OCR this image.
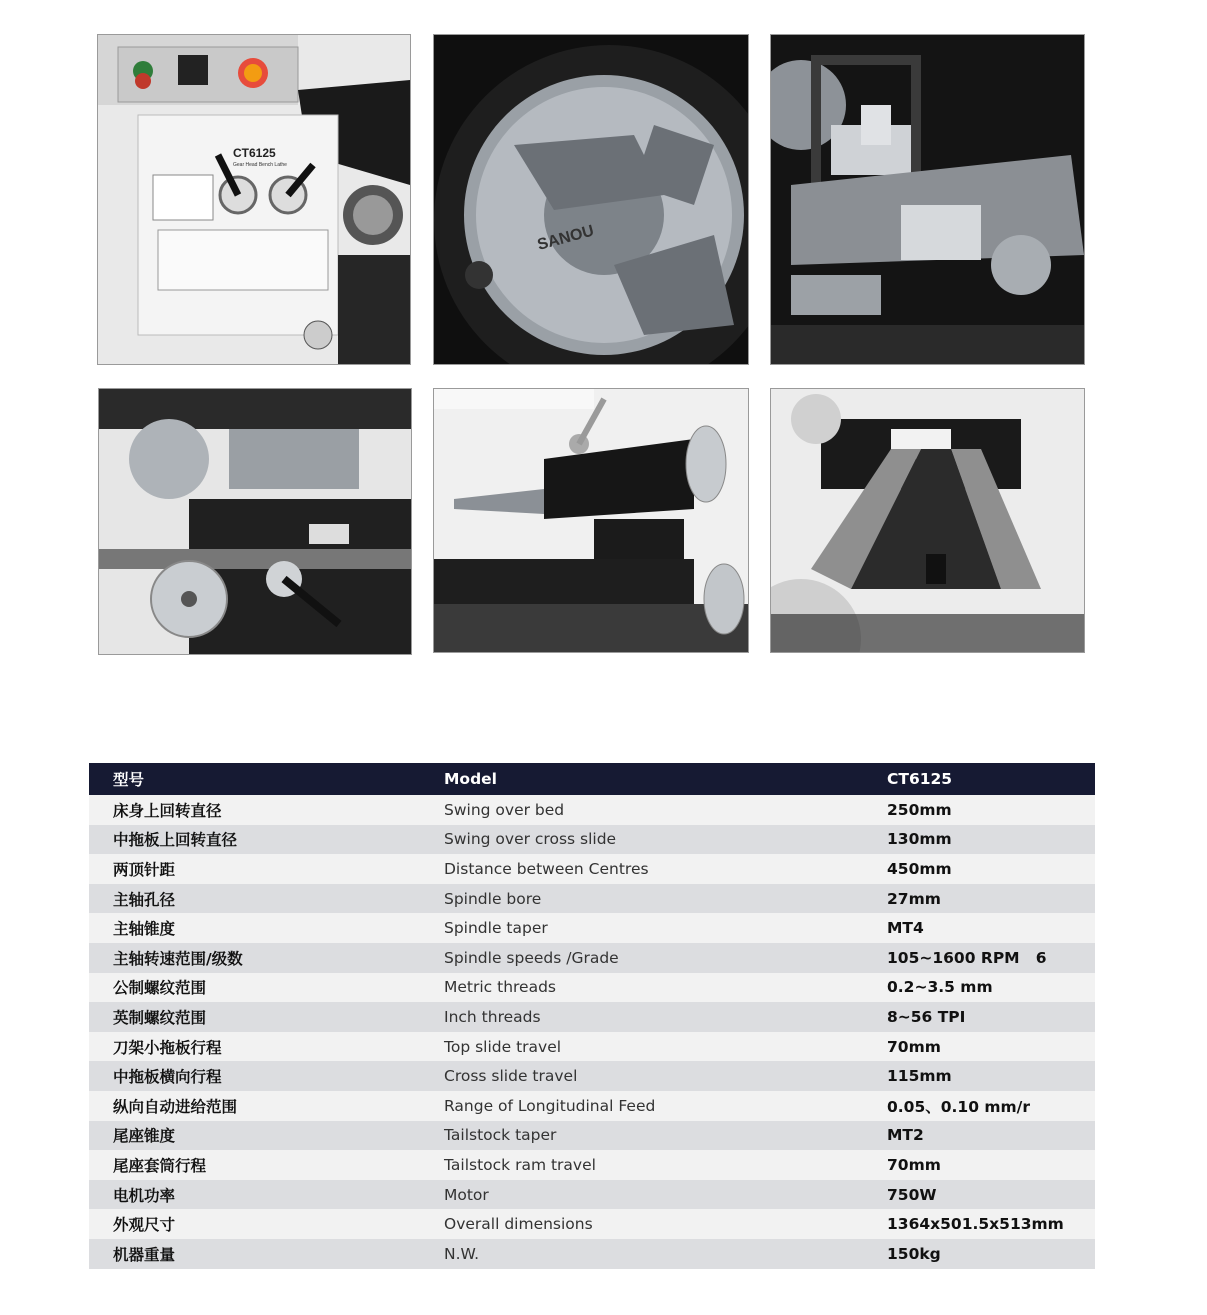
CT6125
Gear Head Bench Lathe
SANOU
型号	Model	CT6125
床身上回转直径	Swing over bed	250mm
中拖板上回转直径	Swing over cross slide	130mm
两顶针距	Distance between Centres	450mm
主轴孔径	Spindle bore	27mm
主轴锥度	Spindle taper	MT4
主轴转速范围/级数	Spindle speeds /Grade	105~1600 RPM   6
公制螺纹范围	Metric threads	0.2~3.5 mm
英制螺纹范围	Inch threads	8~56 TPI
刀架小拖板行程	Top slide travel	70mm
中拖板横向行程	Cross slide travel	115mm
纵向自动进给范围	Range of Longitudinal Feed	0.05、0.10 mm/r
尾座锥度	Tailstock taper	MT2
尾座套筒行程	Tailstock ram travel	70mm
电机功率	Motor	750W
外观尺寸	Overall dimensions	1364x501.5x513mm
机器重量	N.W.	150kg
